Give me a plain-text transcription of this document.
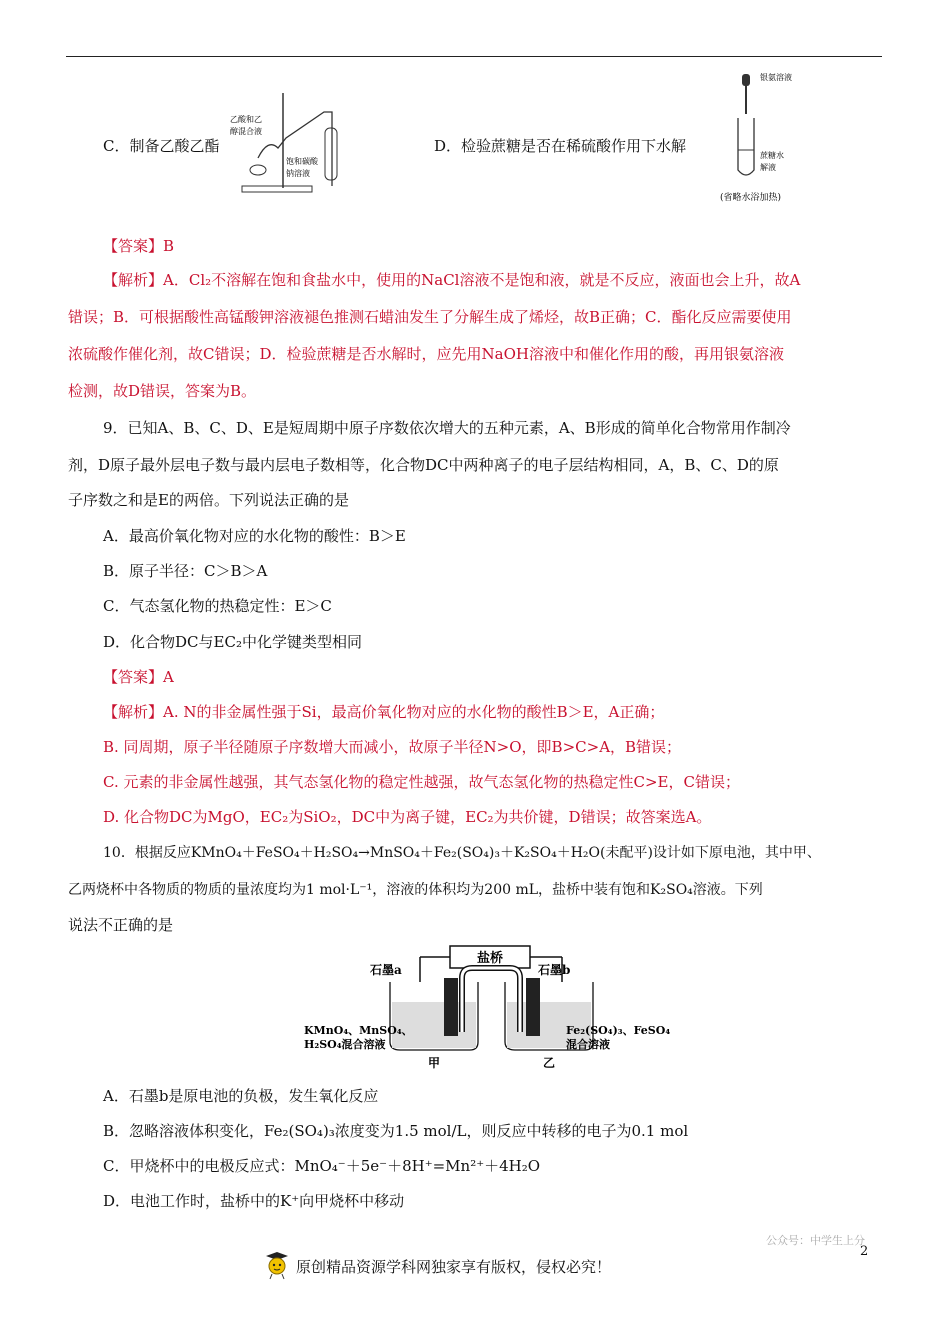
C．制备乙酸乙酯
乙酸和乙
醇混合液
饱和碳酸
钠溶液
D．检验蔗糖是否在稀硫酸作用下水解
银氨溶液
蔗糖水
解液
(省略水浴加热)
【答案】B
【解析】A．Cl₂不溶解在饱和食盐水中，使用的NaCl溶液不是饱和液，就是不反应，液面也会上升，故A
错误；B．可根据酸性高锰酸钾溶液褪色推测石蜡油发生了分解生成了烯烃，故B正确；C．酯化反应需要使用
浓硫酸作催化剂，故C错误；D．检验蔗糖是否水解时，应先用NaOH溶液中和催化作用的酸，再用银氨溶液
检测，故D错误，答案为B。
9．已知A、B、C、D、E是短周期中原子序数依次增大的五种元素，A、B形成的简单化合物常用作制冷
剂，D原子最外层电子数与最内层电子数相等，化合物DC中两种离子的电子层结构相同，A，B、C、D的原
子序数之和是E的两倍。下列说法正确的是
A．最高价氧化物对应的水化物的酸性：B＞E
B．原子半径：C＞B＞A
C．气态氢化物的热稳定性：E＞C
D．化合物DC与EC₂中化学键类型相同
【答案】A
【解析】A. N的非金属性强于Si，最高价氧化物对应的水化物的酸性B＞E，A正确；
B. 同周期，原子半径随原子序数增大而减小，故原子半径N>O，即B>C>A，B错误；
C. 元素的非金属性越强，其气态氢化物的稳定性越强，故气态氢化物的热稳定性C>E，C错误；
D. 化合物DC为MgO，EC₂为SiO₂，DC中为离子键，EC₂为共价键，D错误；故答案选A。
10．根据反应KMnO₄＋FeSO₄＋H₂SO₄→MnSO₄＋Fe₂(SO₄)₃＋K₂SO₄＋H₂O(未配平)设计如下原电池，其中甲、
乙两烧杯中各物质的物质的量浓度均为1 mol·L⁻¹，溶液的体积均为200 mL，盐桥中装有饱和K₂SO₄溶液。下列
说法不正确的是
盐桥
石墨a	石墨b
KMnO₄、MnSO₄、
H₂SO₄混合溶液
Fe₂(SO₄)₃、FeSO₄
混合溶液
甲	乙
A．石墨b是原电池的负极，发生氧化反应
B．忽略溶液体积变化，Fe₂(SO₄)₃浓度变为1.5 mol/L，则反应中转移的电子为0.1 mol
C．甲烧杯中的电极反应式：MnO₄⁻＋5e⁻＋8H⁺=Mn²⁺＋4H₂O
D．电池工作时，盐桥中的K⁺向甲烧杯中移动
公众号：中学生上分
2
原创精品资源学科网独家享有版权，侵权必究！
